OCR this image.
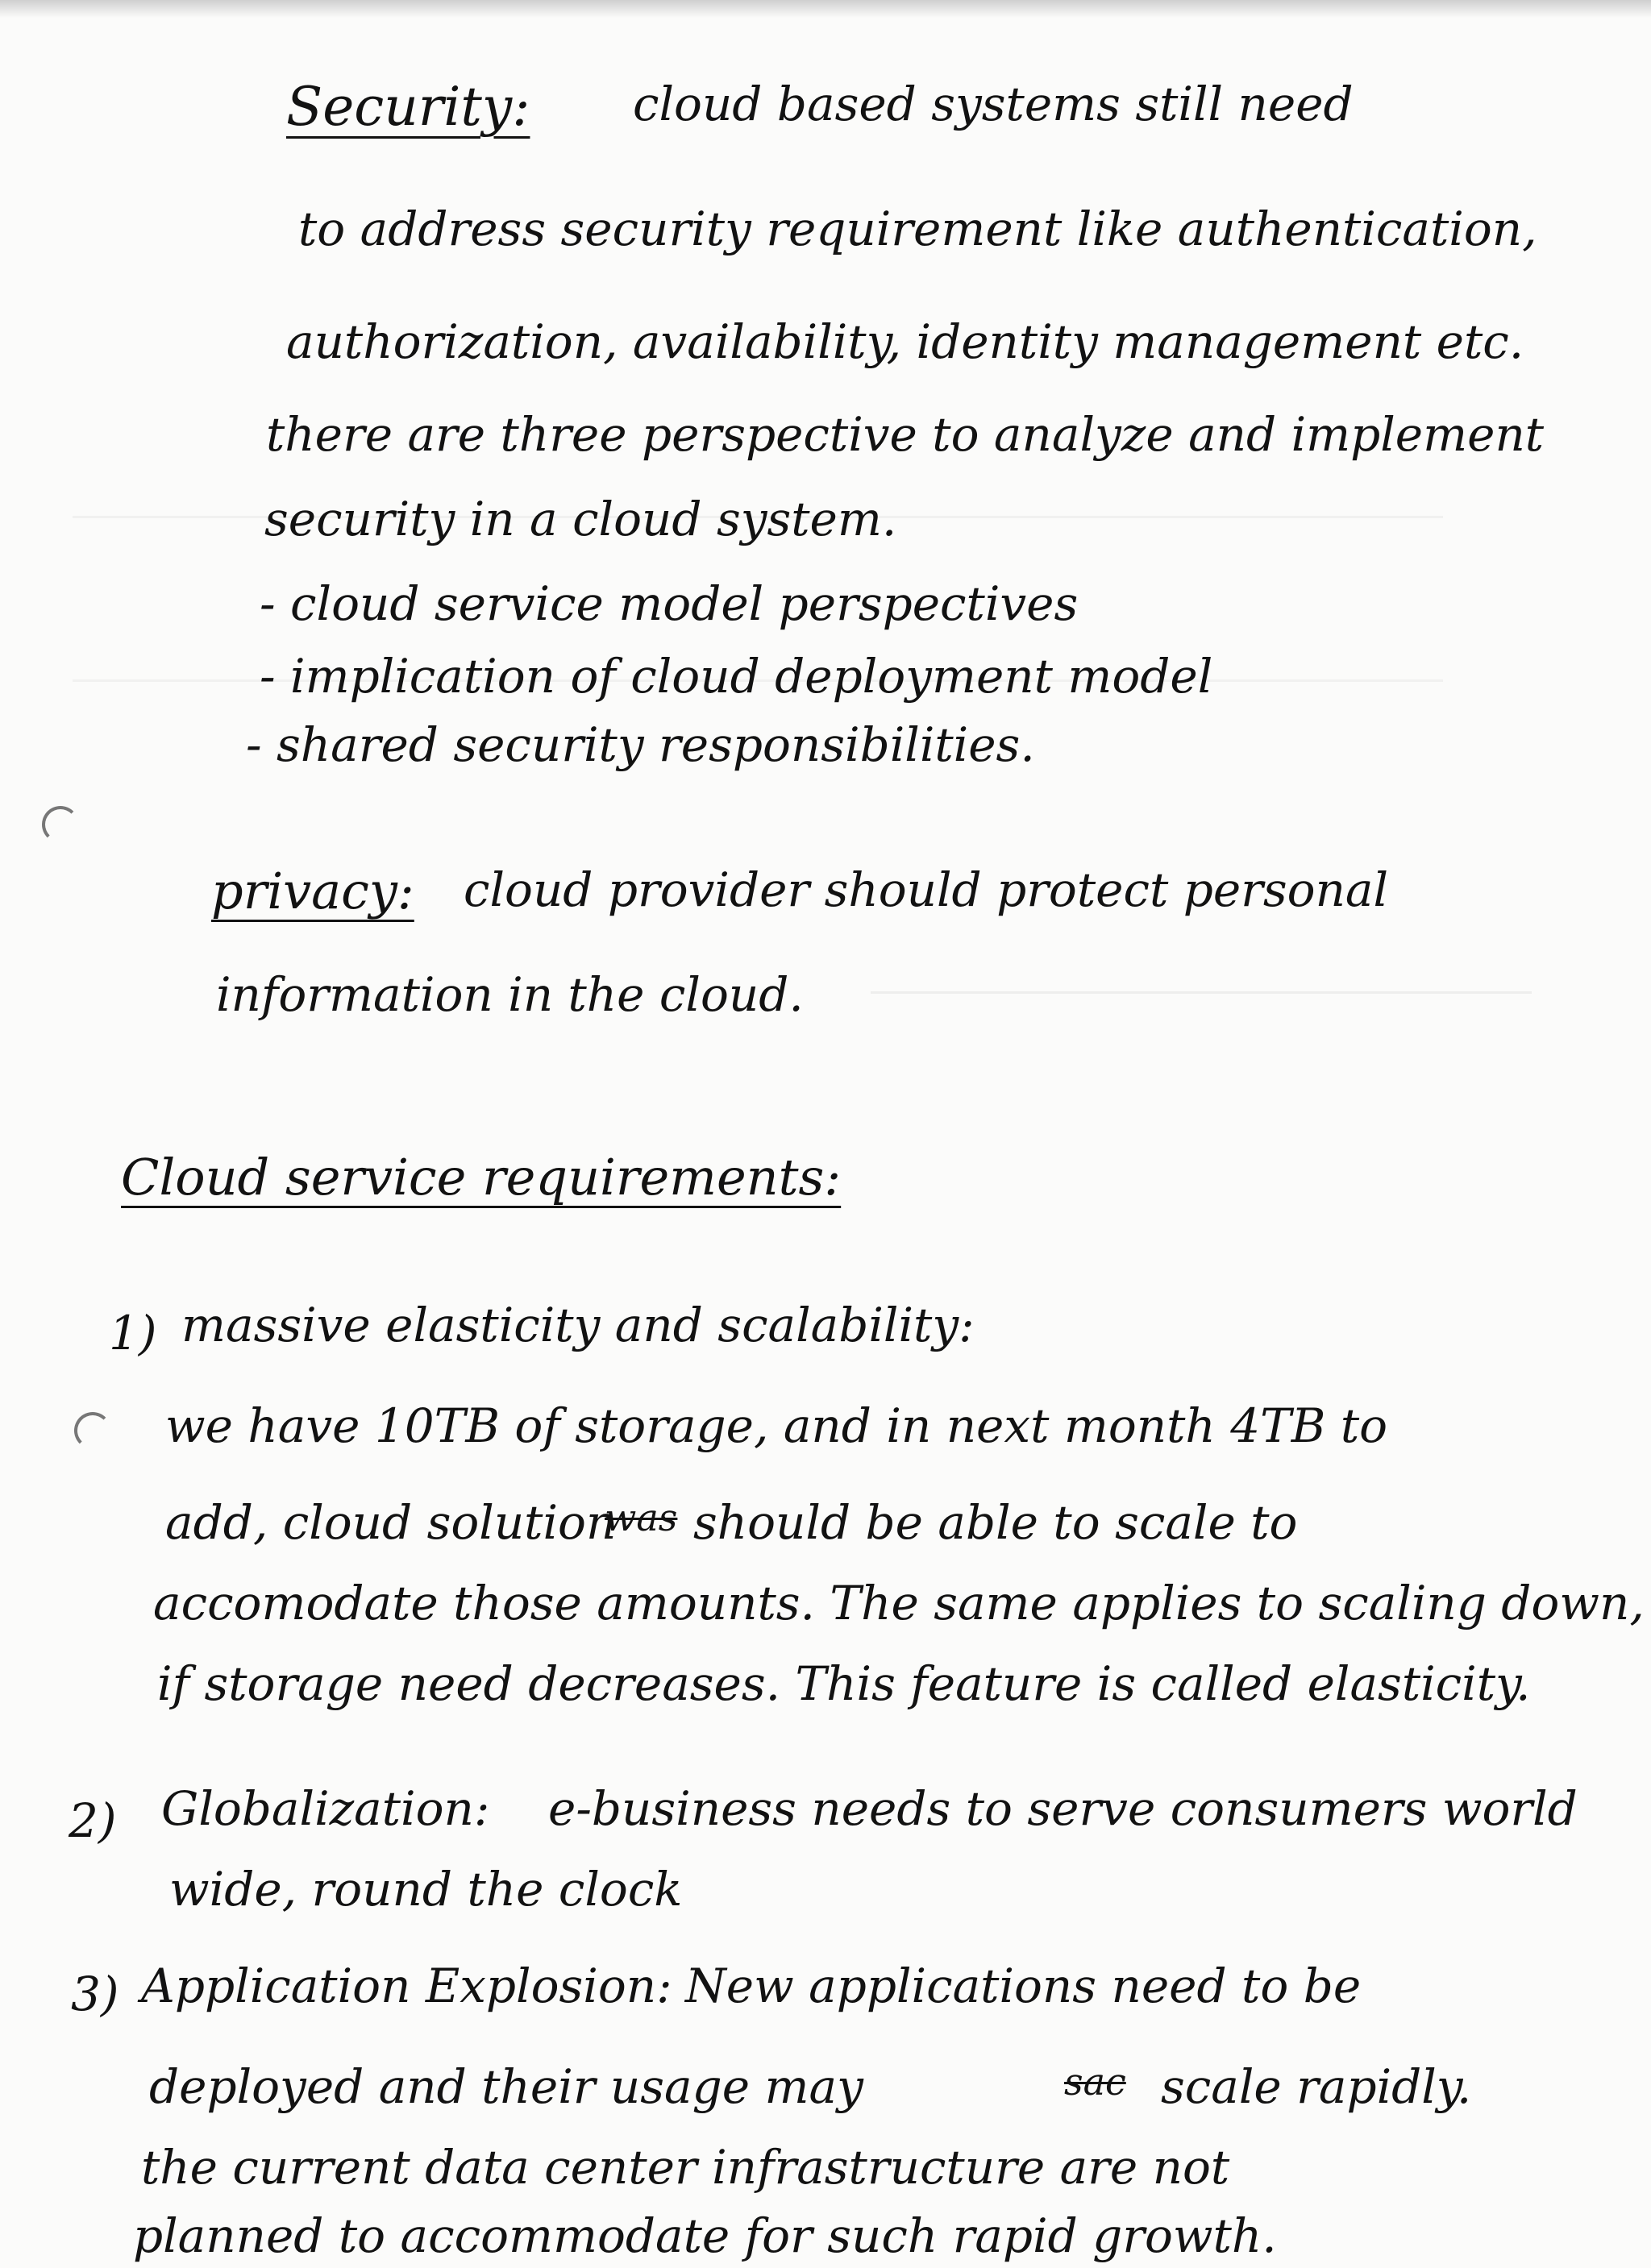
Security: cloud based systems still need
to address security requirement like authentication,
authorization, availability, identity management etc.
there are three perspective to analyze and implement
security in a cloud system.
- cloud service model perspectives
- implication of cloud deployment model
- shared security responsibilities.
privacy: cloud provider should protect personal
information in the cloud.
Cloud service requirements:
1) massive elasticity and scalability:
we have 10TB of storage, and in next month 4TB to
add, cloud solution
was should be able to scale to
accomodate those amounts. The same applies to scaling down,
if storage need decreases. This feature is called elasticity.
2) Globalization: e-business needs to serve consumers world
wide, round the clock
3) Application Explosion: New applications need to be
deployed and their usage may	sac scale rapidly.
the current data center infrastructure are not
planned to accommodate for such rapid growth.
